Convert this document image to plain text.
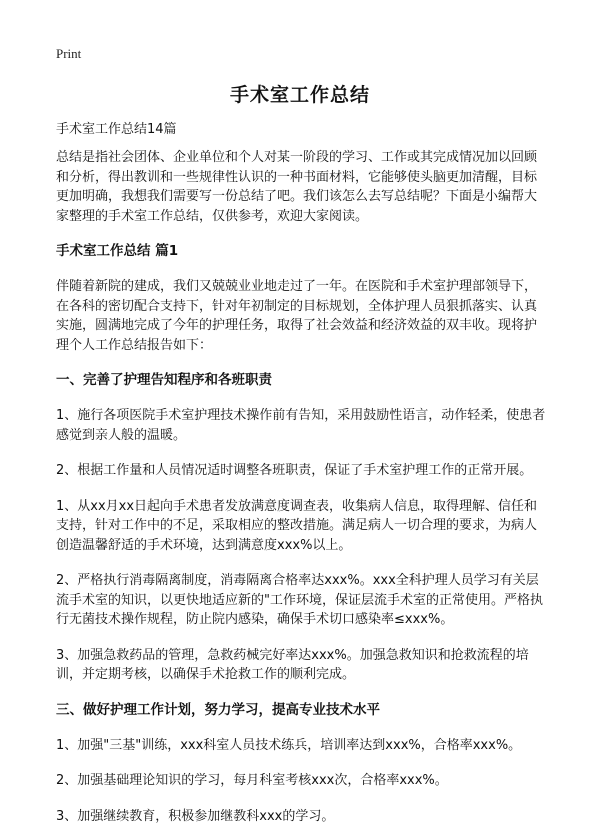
Print
手术室工作总结

手术室工作总结14篇

总结是指社会团体、企业单位和个人对某一阶段的学习、工作或其完成情况加以回顾和分析，得出教训和一些规律性认识的一种书面材料，它能够使头脑更加清醒，目标更加明确，我想我们需要写一份总结了吧。我们该怎么去写总结呢？下面是小编帮大家整理的手术室工作总结，仅供参考，欢迎大家阅读。

手术室工作总结 篇1

伴随着新院的建成，我们又兢兢业业地走过了一年。在医院和手术室护理部领导下，在各科的密切配合支持下，针对年初制定的目标规划，全体护理人员狠抓落实、认真实施，圆满地完成了今年的护理任务，取得了社会效益和经济效益的双丰收。现将护理个人工作总结报告如下：

一、完善了护理告知程序和各班职责

1、施行各项医院手术室护理技术操作前有告知，采用鼓励性语言，动作轻柔，使患者感觉到亲人般的温暖。

2、根据工作量和人员情况适时调整各班职责，保证了手术室护理工作的正常开展。

1、从xx月xx日起向手术患者发放满意度调查表，收集病人信息，取得理解、信任和支持，针对工作中的不足，采取相应的整改措施。满足病人一切合理的要求，为病人创造温馨舒适的手术环境，达到满意度xxx%以上。

2、严格执行消毒隔离制度，消毒隔离合格率达xxx%。xxx全科护理人员学习有关层流手术室的知识，以更快地适应新的"工作环境，保证层流手术室的正常使用。严格执行无菌技术操作规程，防止院内感染，确保手术切口感染率≤xxx%。

3、加强急救药品的管理，急救药械完好率达xxx%。加强急救知识和抢救流程的培训，并定期考核，以确保手术抢救工作的顺利完成。

三、做好护理工作计划，努力学习，提高专业技术水平

1、加强"三基"训练，xxx科室人员技术练兵，培训率达到xxx%，合格率xxx%。

2、加强基础理论知识的学习，每月科室考核xxx次，合格率xxx%。

3、加强继续教育，积极参加继教科xxx的学习。
